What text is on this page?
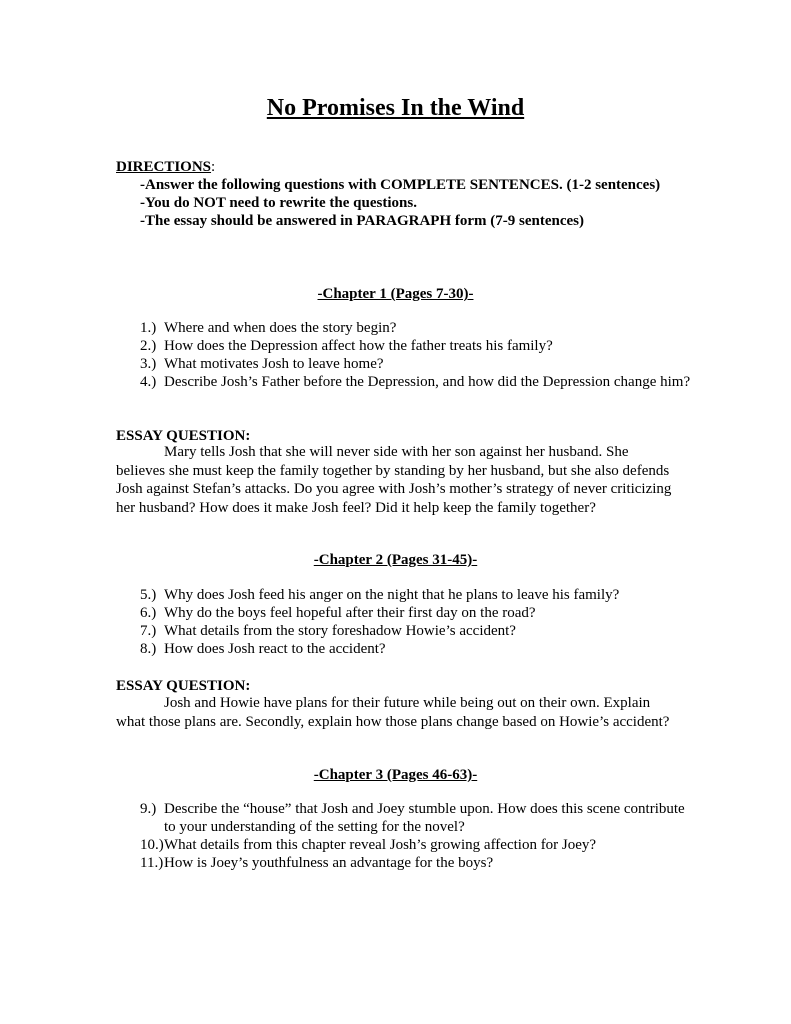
No Promises In the Wind
DIRECTIONS:
-Answer the following questions with COMPLETE SENTENCES. (1-2 sentences)
-You do NOT need to rewrite the questions.
-The essay should be answered in PARAGRAPH form (7-9 sentences)
-Chapter 1 (Pages 7-30)-
1.) Where and when does the story begin?
2.) How does the Depression affect how the father treats his family?
3.) What motivates Josh to leave home?
4.) Describe Josh’s Father before the Depression, and how did the Depression change him?
ESSAY QUESTION:

Mary tells Josh that she will never side with her son against her husband. She believes she must keep the family together by standing by her husband, but she also defends Josh against Stefan’s attacks. Do you agree with Josh’s mother’s strategy of never criticizing her husband? How does it make Josh feel? Did it help keep the family together?

-Chapter 2 (Pages 31-45)-
5.) Why does Josh feed his anger on the night that he plans to leave his family?
6.) Why do the boys feel hopeful after their first day on the road?
7.) What details from the story foreshadow Howie’s accident?
8.) How does Josh react to the accident?
ESSAY QUESTION:

Josh and Howie have plans for their future while being out on their own. Explain what those plans are. Secondly, explain how those plans change based on Howie’s accident?

-Chapter 3 (Pages 46-63)-
9.) Describe the “house” that Josh and Joey stumble upon. How does this scene contribute to your understanding of the setting for the novel?
10.) What details from this chapter reveal Josh’s growing affection for Joey?
11.) How is Joey’s youthfulness an advantage for the boys?
